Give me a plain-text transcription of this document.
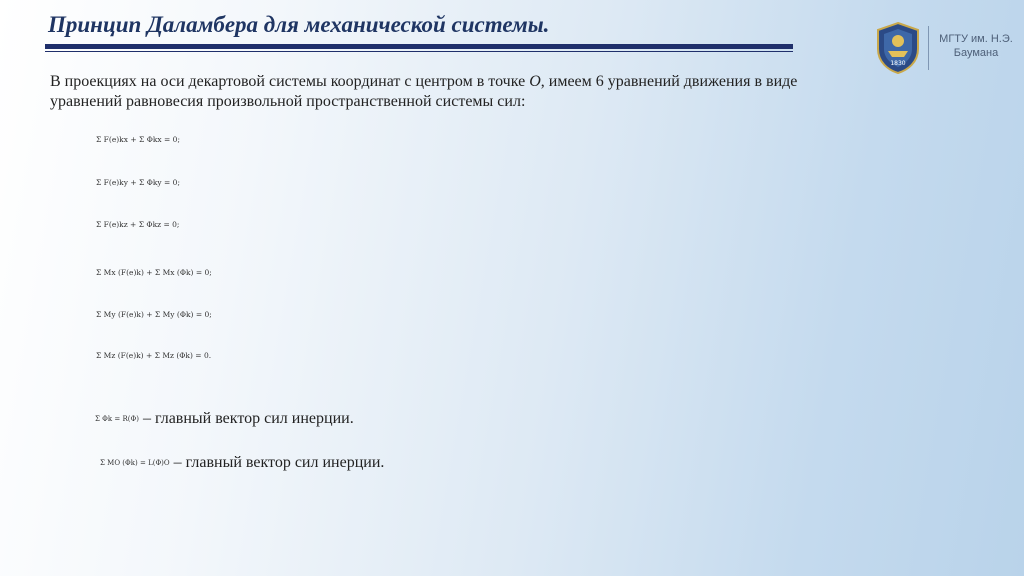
Принцип Даламбера для механической системы.
1830
МГТУ им. Н.Э.
Баумана

В проекциях на оси декартовой системы координат с центром в точке O, имеем 6 уравнений движения в виде уравнений равновесия произвольной пространственной системы сил:

Σ F(e)kx + Σ Φkx = 0;
Σ F(e)ky + Σ Φky = 0;
Σ F(e)kz + Σ Φkz = 0;
Σ Mx (F(e)k) + Σ Mx (Φk) = 0;
Σ My (F(e)k) + Σ My (Φk) = 0;
Σ Mz (F(e)k) + Σ Mz (Φk) = 0.
Σ Φk = R(Φ) – главный вектор сил инерции.
Σ MO (Φk) = L(Φ)O – главный вектор сил инерции.
